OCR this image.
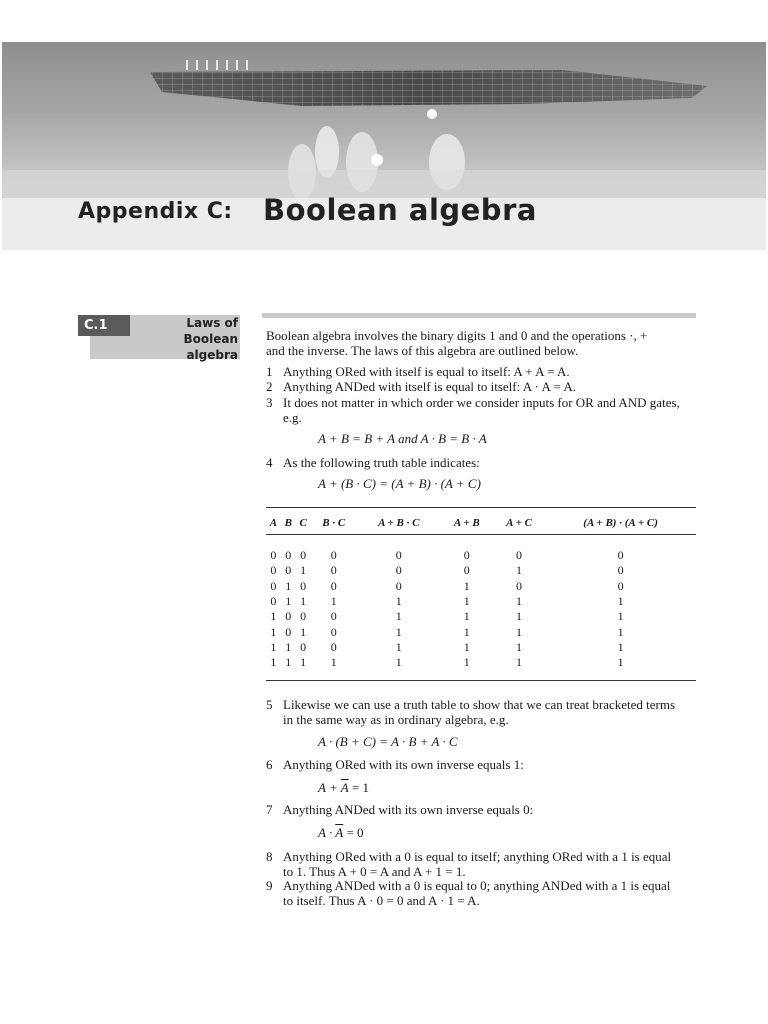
Appendix C: Boolean algebra
C.1	Laws of Boolean
algebra
Boolean algebra involves the binary digits 1 and 0 and the operations ·, +
and the inverse. The laws of this algebra are outlined below.
1 Anything ORed with itself is equal to itself: A + A = A.
2 Anything ANDed with itself is equal to itself: A · A = A.
3 It does not matter in which order we consider inputs for OR and AND gates, e.g.
A + B = B + A and A · B = B · A
4 As the following truth table indicates:
A + (B · C) = (A + B) · (A + C)
A	B	C	B · C	A + B · C	A + B	A + C	(A + B) · (A + C)

0	0	0	0	0	0	0	0
0	0	1	0	0	0	1	0
0	1	0	0	0	1	0	0
0	1	1	1	1	1	1	1
1	0	0	0	1	1	1	1
1	0	1	0	1	1	1	1
1	1	0	0	1	1	1	1
1	1	1	1	1	1	1	1
5 Likewise we can use a truth table to show that we can treat bracketed terms in the same way as in ordinary algebra, e.g.
A · (B + C) = A · B + A · C
6 Anything ORed with its own inverse equals 1:
$A + \overline{A} = 1$
7 Anything ANDed with its own inverse equals 0:
$A \cdot \overline{A} = 0$
8 Anything ORed with a 0 is equal to itself; anything ORed with a 1 is equal to 1. Thus A + 0 = A and A + 1 = 1.
9 Anything ANDed with a 0 is equal to 0; anything ANDed with a 1 is equal to itself. Thus A · 0 = 0 and A · 1 = A.
